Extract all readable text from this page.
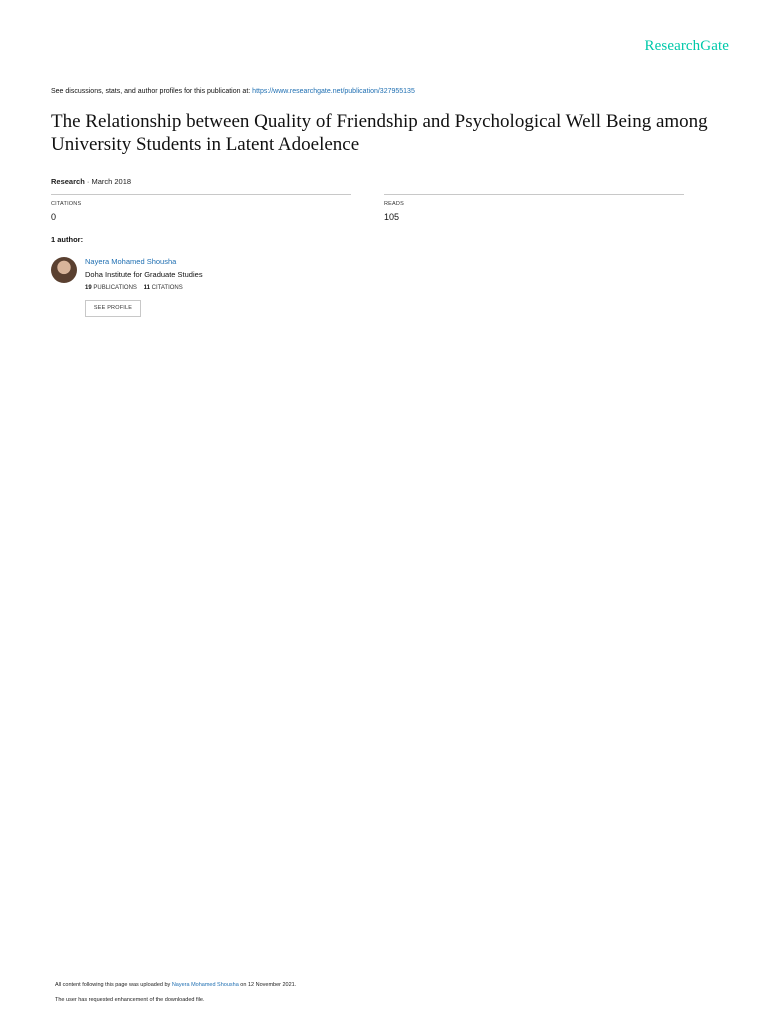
ResearchGate
See discussions, stats, and author profiles for this publication at: https://www.researchgate.net/publication/327955135
The Relationship between Quality of Friendship and Psychological Well Being among University Students in Latent Adoelence
Research · March 2018
CITATIONS
0
READS
105
1 author:
Nayera Mohamed Shousha
Doha Institute for Graduate Studies
19 PUBLICATIONS 11 CITATIONS
SEE PROFILE
All content following this page was uploaded by Nayera Mohamed Shousha on 12 November 2021.
The user has requested enhancement of the downloaded file.
